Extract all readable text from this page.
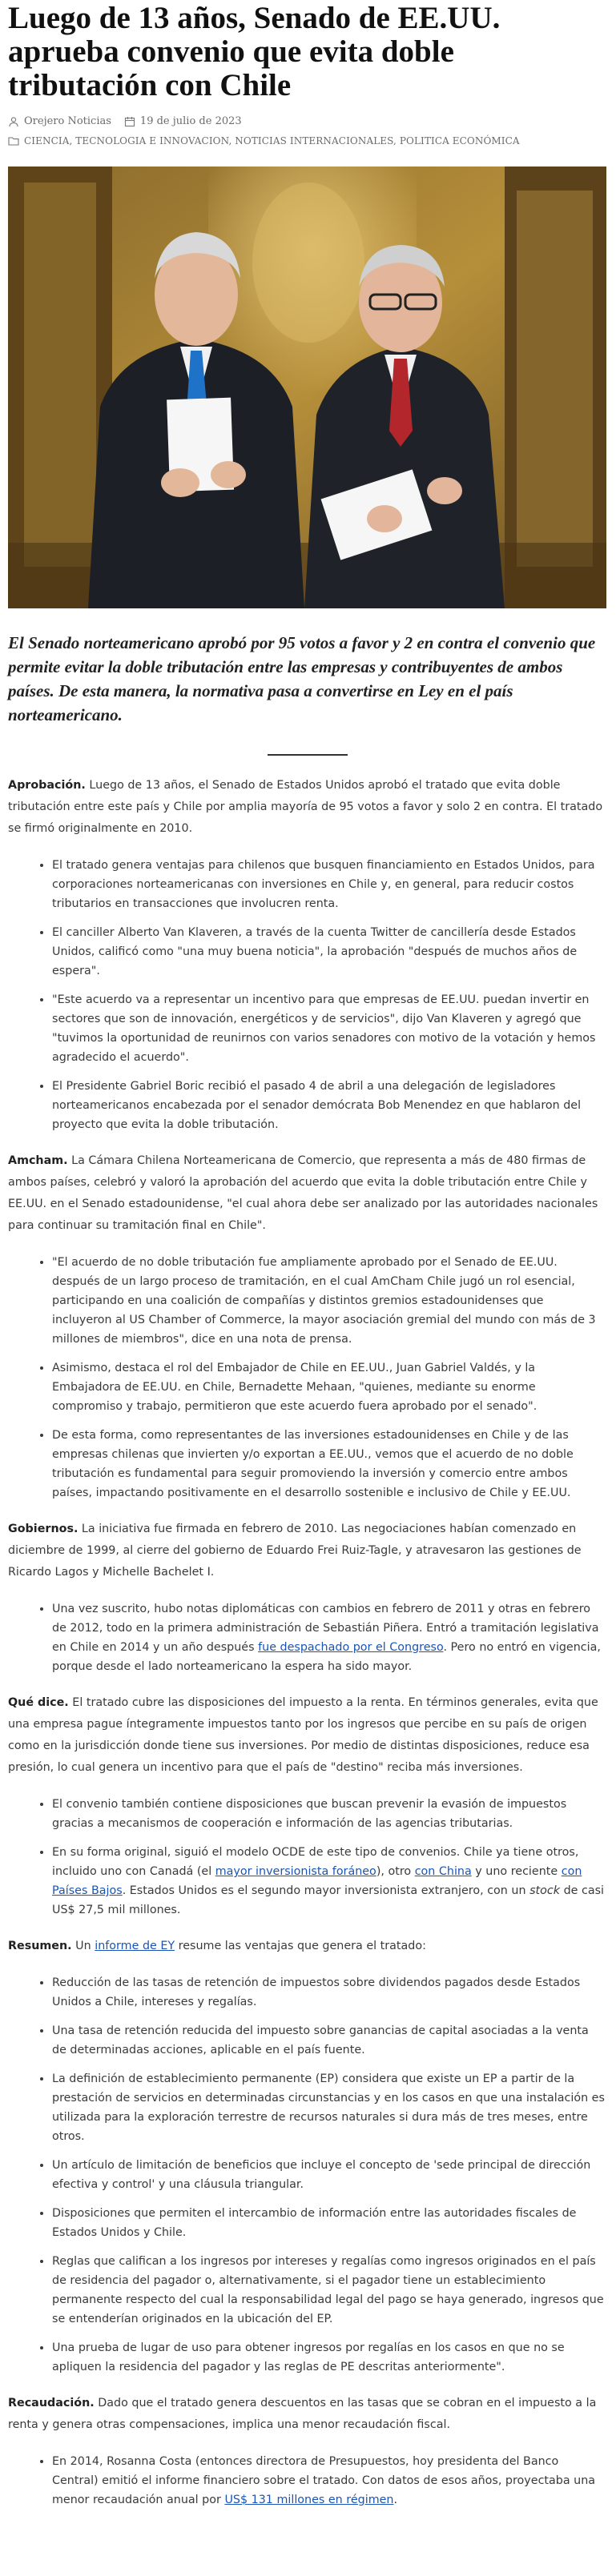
Luego de 13 años, Senado de EE.UU. aprueba convenio que evita doble tributación con Chile
Orejero Noticias	19 de julio de 2023
CIENCIA, TECNOLOGIA E INNOVACION, NOTICIAS INTERNACIONALES, POLITICA ECONÓMICA
El Senado norteamericano aprobó por 95 votos a favor y 2 en contra el convenio que permite evitar la doble tributación entre las empresas y contribuyentes de ambos países. De esta manera, la normativa pasa a convertirse en Ley en el país norteamericano.

Aprobación. Luego de 13 años, el Senado de Estados Unidos aprobó el tratado que evita doble tributación entre este país y Chile por amplia mayoría de 95 votos a favor y solo 2 en contra. El tratado se firmó originalmente en 2010.

• El tratado genera ventajas para chilenos que busquen financiamiento en Estados Unidos, para corporaciones norteamericanas con inversiones en Chile y, en general, para reducir costos tributarios en transacciones que involucren renta.
• El canciller Alberto Van Klaveren, a través de la cuenta Twitter de cancillería desde Estados Unidos, calificó como "una muy buena noticia", la aprobación "después de muchos años de espera".
• "Este acuerdo va a representar un incentivo para que empresas de EE.UU. puedan invertir en sectores que son de innovación, energéticos y de servicios", dijo Van Klaveren y agregó que "tuvimos la oportunidad de reunirnos con varios senadores con motivo de la votación y hemos agradecido el acuerdo".
• El Presidente Gabriel Boric recibió el pasado 4 de abril a una delegación de legisladores norteamericanos encabezada por el senador demócrata Bob Menendez en que hablaron del proyecto que evita la doble tributación.

Amcham. La Cámara Chilena Norteamericana de Comercio, que representa a más de 480 firmas de ambos países, celebró y valoró la aprobación del acuerdo que evita la doble tributación entre Chile y EE.UU. en el Senado estadounidense, "el cual ahora debe ser analizado por las autoridades nacionales para continuar su tramitación final en Chile".

• "El acuerdo de no doble tributación fue ampliamente aprobado por el Senado de EE.UU. después de un largo proceso de tramitación, en el cual AmCham Chile jugó un rol esencial, participando en una coalición de compañías y distintos gremios estadounidenses que incluyeron al US Chamber of Commerce, la mayor asociación gremial del mundo con más de 3 millones de miembros", dice en una nota de prensa.
• Asimismo, destaca el rol del Embajador de Chile en EE.UU., Juan Gabriel Valdés, y la Embajadora de EE.UU. en Chile, Bernadette Mehaan, "quienes, mediante su enorme compromiso y trabajo, permitieron que este acuerdo fuera aprobado por el senado".
• De esta forma, como representantes de las inversiones estadounidenses en Chile y de las empresas chilenas que invierten y/o exportan a EE.UU., vemos que el acuerdo de no doble tributación es fundamental para seguir promoviendo la inversión y comercio entre ambos países, impactando positivamente en el desarrollo sostenible e inclusivo de Chile y EE.UU.

Gobiernos. La iniciativa fue firmada en febrero de 2010. Las negociaciones habían comenzado en diciembre de 1999, al cierre del gobierno de Eduardo Frei Ruiz-Tagle, y atravesaron las gestiones de Ricardo Lagos y Michelle Bachelet I.

• Una vez suscrito, hubo notas diplomáticas con cambios en febrero de 2011 y otras en febrero de 2012, todo en la primera administración de Sebastián Piñera. Entró a tramitación legislativa en Chile en 2014 y un año después fue despachado por el Congreso. Pero no entró en vigencia, porque desde el lado norteamericano la espera ha sido mayor.

Qué dice. El tratado cubre las disposiciones del impuesto a la renta. En términos generales, evita que una empresa pague íntegramente impuestos tanto por los ingresos que percibe en su país de origen como en la jurisdicción donde tiene sus inversiones. Por medio de distintas disposiciones, reduce esa presión, lo cual genera un incentivo para que el país de "destino" reciba más inversiones.

• El convenio también contiene disposiciones que buscan prevenir la evasión de impuestos gracias a mecanismos de cooperación e información de las agencias tributarias.
• En su forma original, siguió el modelo OCDE de este tipo de convenios. Chile ya tiene otros, incluido uno con Canadá (el mayor inversionista foráneo), otro con China y uno reciente con Países Bajos. Estados Unidos es el segundo mayor inversionista extranjero, con un stock de casi US$ 27,5 mil millones.

Resumen. Un informe de EY resume las ventajas que genera el tratado:

• Reducción de las tasas de retención de impuestos sobre dividendos pagados desde Estados Unidos a Chile, intereses y regalías.
• Una tasa de retención reducida del impuesto sobre ganancias de capital asociadas a la venta de determinadas acciones, aplicable en el país fuente.
• La definición de establecimiento permanente (EP) considera que existe un EP a partir de la prestación de servicios en determinadas circunstancias y en los casos en que una instalación es utilizada para la exploración terrestre de recursos naturales si dura más de tres meses, entre otros.
• Un artículo de limitación de beneficios que incluye el concepto de 'sede principal de dirección efectiva y control' y una cláusula triangular.
• Disposiciones que permiten el intercambio de información entre las autoridades fiscales de Estados Unidos y Chile.
• Reglas que califican a los ingresos por intereses y regalías como ingresos originados en el país de residencia del pagador o, alternativamente, si el pagador tiene un establecimiento permanente respecto del cual la responsabilidad legal del pago se haya generado, ingresos que se entenderían originados en la ubicación del EP.
• Una prueba de lugar de uso para obtener ingresos por regalías en los casos en que no se apliquen la residencia del pagador y las reglas de PE descritas anteriormente".

Recaudación. Dado que el tratado genera descuentos en las tasas que se cobran en el impuesto a la renta y genera otras compensaciones, implica una menor recaudación fiscal.

• En 2014, Rosanna Costa (entonces directora de Presupuestos, hoy presidenta del Banco Central) emitió el informe financiero sobre el tratado. Con datos de esos años, proyectaba una menor recaudación anual por US$ 131 millones en régimen.
